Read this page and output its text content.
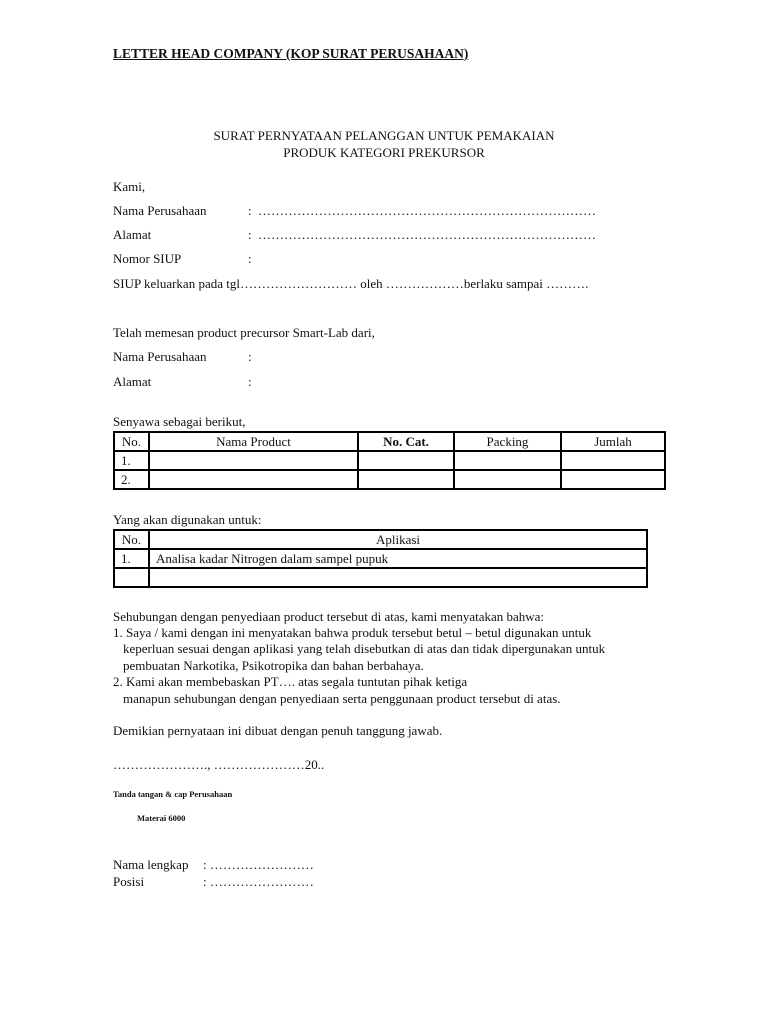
LETTER HEAD COMPANY (KOP SURAT PERUSAHAAN)
SURAT PERNYATAAN PELANGGAN UNTUK PEMAKAIAN
PRODUK KATEGORI PREKURSOR
Kami,
Nama Perusahaan	: ……………………………………………………………………
Alamat	: ……………………………………………………………………
Nomor SIUP	:
SIUP keluarkan pada tgl……………………… oleh ………………berlaku sampai ……….
Telah memesan product precursor Smart-Lab dari,
Nama Perusahaan	:
Alamat	:
Senyawa sebagai berikut,
No.	Nama Product	No. Cat.	Packing	Jumlah
1.				
2.				
Yang akan digunakan untuk:
No.	Aplikasi
1.	Analisa kadar Nitrogen dalam sampel pupuk

Sehubungan dengan penyediaan product tersebut di atas, kami menyatakan bahwa:
1. Saya / kami dengan ini menyatakan bahwa produk tersebut betul – betul digunakan untuk
keperluan sesuai dengan aplikasi yang telah disebutkan di atas dan tidak dipergunakan untuk
pembuatan Narkotika, Psikotropika dan bahan berbahaya.
2. Kami akan membebaskan PT…. atas segala tuntutan pihak ketiga
manapun sehubungan dengan penyediaan serta penggunaan product tersebut di atas.
Demikian pernyataan ini dibuat dengan penuh tanggung jawab.
…………………., …………………20..
Tanda tangan & cap Perusahaan
Materai 6000
Nama lengkap : ……………………
Posisi	: ……………………
